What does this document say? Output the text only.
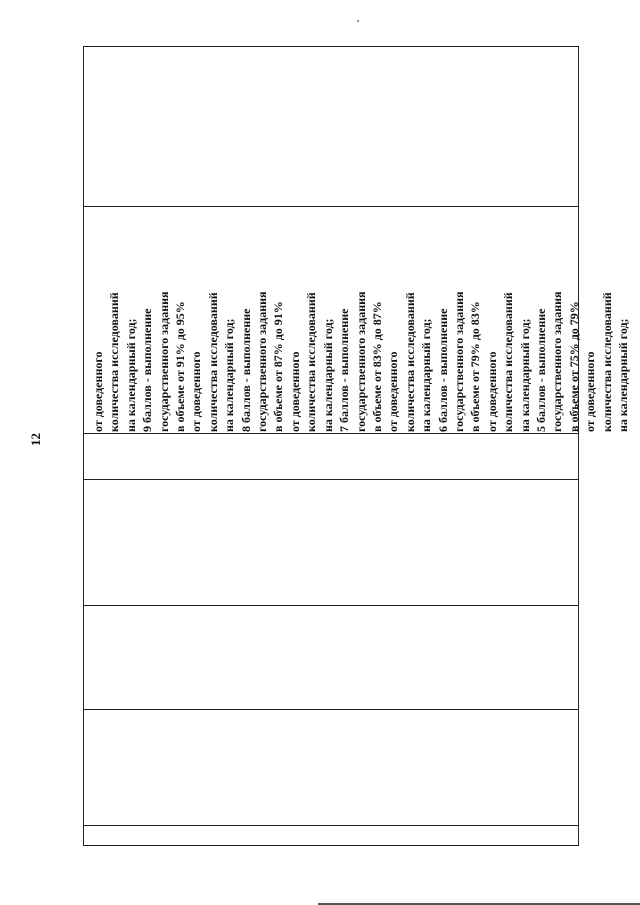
12
от доведенного количества исследований на календарный год; 9 баллов - выполнение государственного задания в объеме от 91% до 95% от доведенного количества исследований на календарный год; 8 баллов - выполнение государственного задания в объеме от 87% до 91% от доведенного количества исследований на календарный год; 7 баллов - выполнение государственного задания в объеме от 83% до 87% от доведенного количества исследований на календарный год; 6 баллов - выполнение государственного задания в объеме от 79% до 83% от доведенного количества исследований на календарный год; 5 баллов - выполнение государственного задания в объеме от 75% до 79% от доведенного количества исследований на календарный год;
